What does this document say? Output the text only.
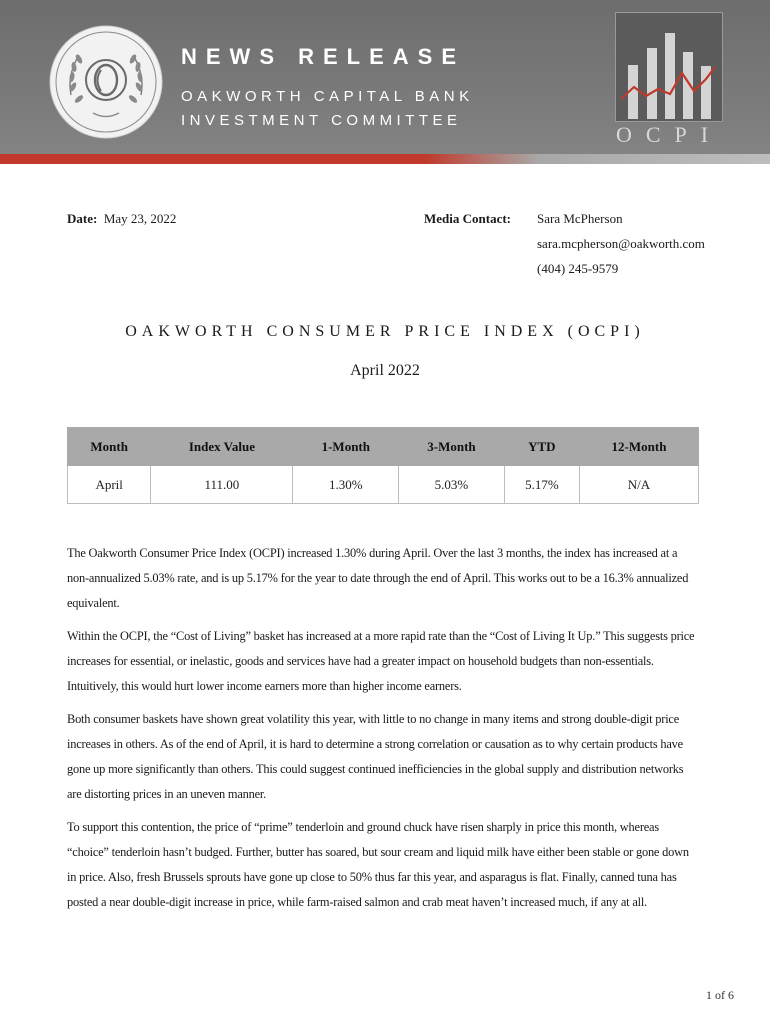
NEWS RELEASE
OAKWORTH CAPITAL BANK
INVESTMENT COMMITTEE
OCPI
Date: May 23, 2022	Media Contact: Sara McPherson
sara.mcpherson@oakworth.com
(404) 245-9579
OAKWORTH CONSUMER PRICE INDEX (OCPI)
April 2022
Month	Index Value	1-Month	3-Month	YTD	12-Month
April	111.00	1.30%	5.03%	5.17%	N/A

The Oakworth Consumer Price Index (OCPI) increased 1.30% during April. Over the last 3 months, the index has increased at a non-annualized 5.03% rate, and is up 5.17% for the year to date through the end of April. This works out to be a 16.3% annualized equivalent.

Within the OCPI, the “Cost of Living” basket has increased at a more rapid rate than the “Cost of Living It Up.” This suggests price increases for essential, or inelastic, goods and services have had a greater impact on household budgets than non-essentials. Intuitively, this would hurt lower income earners more than higher income earners.

Both consumer baskets have shown great volatility this year, with little to no change in many items and strong double-digit price increases in others. As of the end of April, it is hard to determine a strong correlation or causation as to why certain products have gone up more significantly than others. This could suggest continued inefficiencies in the global supply and distribution networks are distorting prices in an uneven manner.

To support this contention, the price of “prime” tenderloin and ground chuck have risen sharply in price this month, whereas “choice” tenderloin hasn’t budged. Further, butter has soared, but sour cream and liquid milk have either been stable or gone down in price. Also, fresh Brussels sprouts have gone up close to 50% thus far this year, and asparagus is flat. Finally, canned tuna has posted a near double-digit increase in price, while farm-raised salmon and crab meat haven’t increased much, if any at all.

1 of 6
